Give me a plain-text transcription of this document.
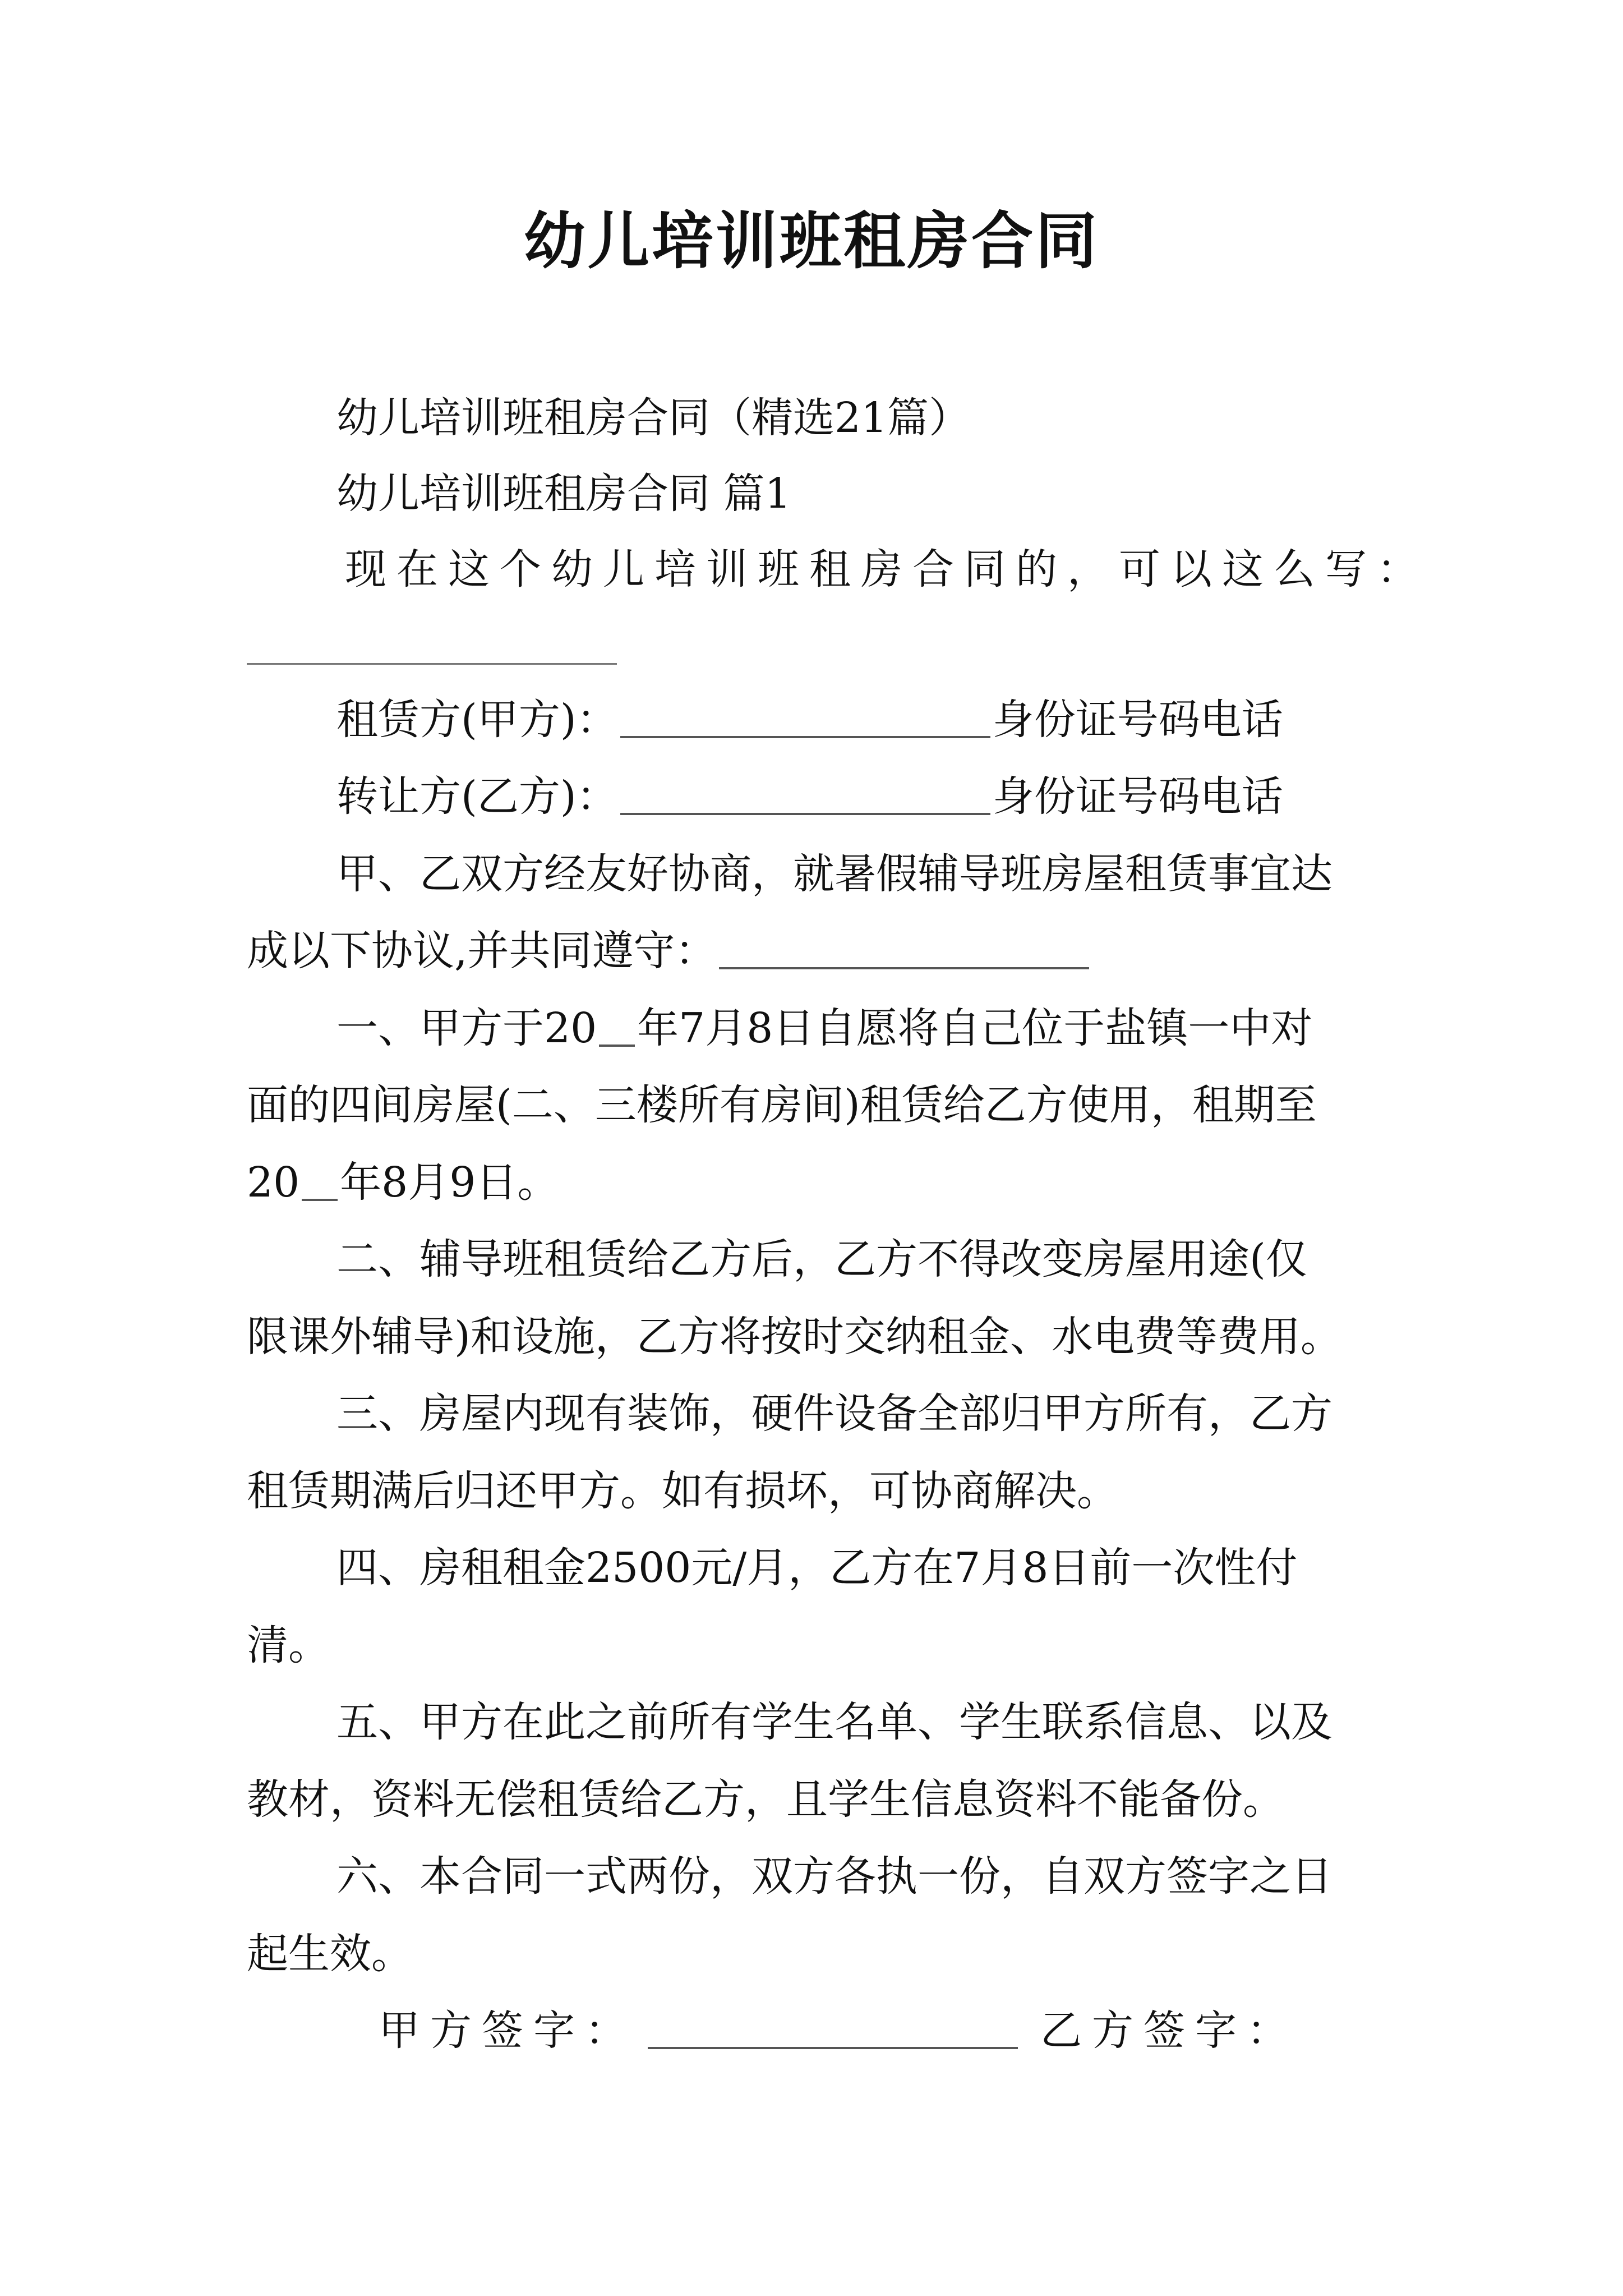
幼儿培训班租房合同
幼儿培训班租房合同（精选21篇）
幼儿培训班租房合同 篇1
现在这个幼儿培训班租房合同的，可以这么写：
租赁方(甲方)：	身份证号码电话
转让方(乙方)：	身份证号码电话
甲、乙双方经友好协商，就暑假辅导班房屋租赁事宜达
成以下协议,并共同遵守：
一、甲方于20 年7月8日自愿将自己位于盐镇一中对
面的四间房屋(二、三楼所有房间)租赁给乙方使用，租期至
20 年8月9日。
二、辅导班租赁给乙方后，乙方不得改变房屋用途(仅
限课外辅导)和设施，乙方将按时交纳租金、水电费等费用。
三、房屋内现有装饰，硬件设备全部归甲方所有，乙方
租赁期满后归还甲方。如有损坏，可协商解决。
四、房租租金2500元/月，乙方在7月8日前一次性付
清。
五、甲方在此之前所有学生名单、学生联系信息、以及
教材，资料无偿租赁给乙方，且学生信息资料不能备份。
六、本合同一式两份，双方各执一份，自双方签字之日
起生效。
甲方签字：	乙方签字：
